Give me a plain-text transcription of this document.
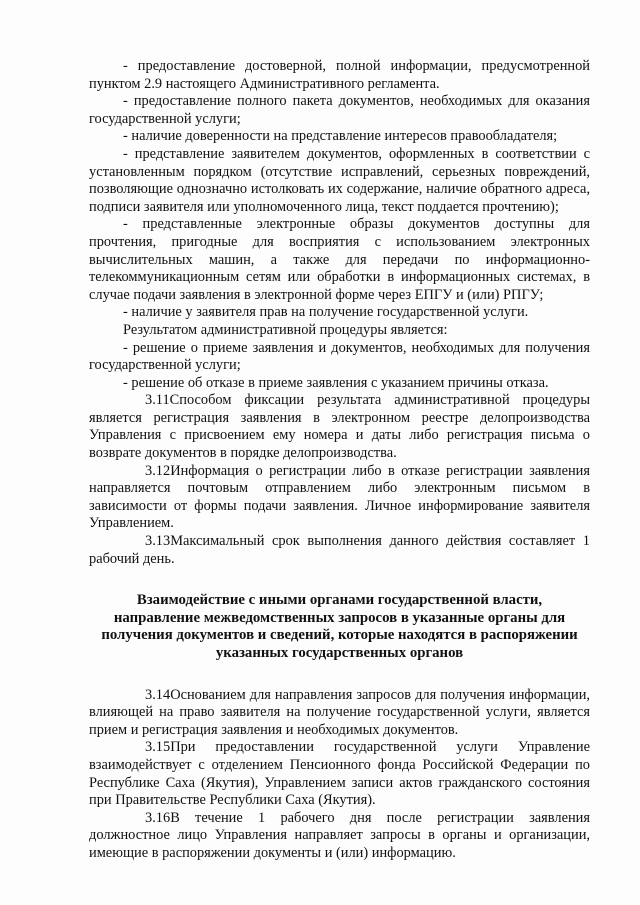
- предоставление достоверной, полной информации, предусмотренной пунктом 2.9 настоящего Административного регламента.

- предоставление полного пакета документов, необходимых для оказания государственной услуги;

- наличие доверенности на представление интересов правообладателя;

- представление заявителем документов, оформленных в соответствии с установленным порядком (отсутствие исправлений, серьезных повреждений, позволяющие однозначно истолковать их содержание, наличие обратного адреса, подписи заявителя или уполномоченного лица, текст поддается прочтению);

- представленные электронные образы документов доступны для прочтения, пригодные для восприятия с использованием электронных вычислительных машин, а также для передачи по информационно-телекоммуникационным сетям или обработки в информационных системах, в случае подачи заявления в электронной форме через ЕПГУ и (или) РПГУ;

- наличие у заявителя прав на получение государственной услуги.

Результатом административной процедуры является:

- решение о приеме заявления и документов, необходимых для получения государственной услуги;

- решение об отказе в приеме заявления с указанием причины отказа.

3.11Способом фиксации результата административной процедуры является регистрация заявления в электронном реестре делопроизводства Управления с присвоением ему номера и даты либо регистрация письма о возврате документов в порядке делопроизводства.

3.12Информация о регистрации либо в отказе регистрации заявления направляется почтовым отправлением либо электронным письмом в зависимости от формы подачи заявления. Личное информирование заявителя Управлением.

3.13Максимальный срок выполнения данного действия составляет 1 рабочий день.

Взаимодействие с иными органами государственной власти, направление межведомственных запросов в указанные органы для получения документов и сведений, которые находятся в распоряжении указанных государственных органов

3.14Основанием для направления запросов для получения информации, влияющей на право заявителя на получение государственной услуги, является прием и регистрация заявления и необходимых документов.

3.15При предоставлении государственной услуги Управление взаимодействует с отделением Пенсионного фонда Российской Федерации по Республике Саха (Якутия), Управлением записи актов гражданского состояния при Правительстве Республики Саха (Якутия).

3.16В течение 1 рабочего дня после регистрации заявления должностное лицо Управления направляет запросы в органы и организации, имеющие в распоряжении документы и (или) информацию.
